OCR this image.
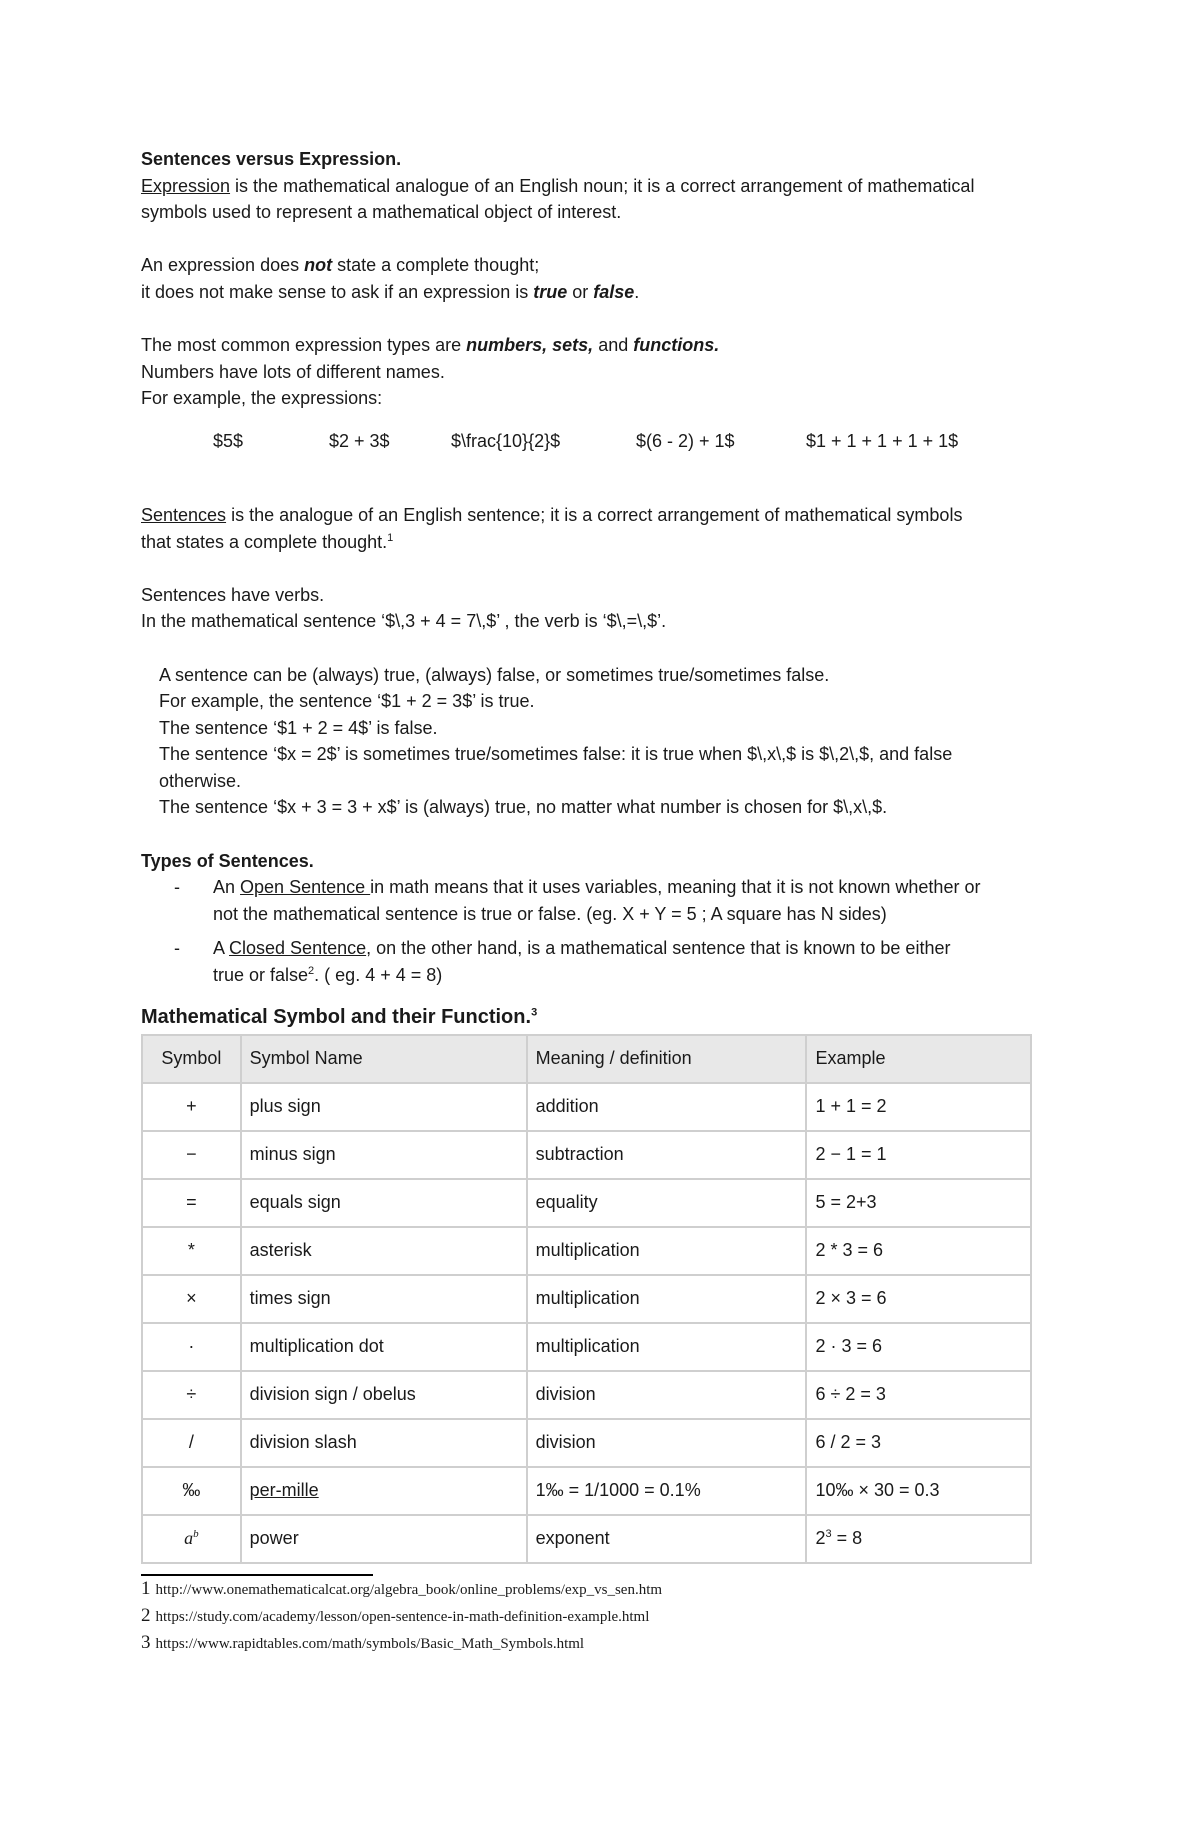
Sentences versus Expression.

Expression is the mathematical analogue of an English noun; it is a correct arrangement of mathematical

symbols used to represent a mathematical object of interest.

An expression does not state a complete thought;

it does not make sense to ask if an expression is true or false.

The most common expression types are numbers, sets, and functions.

Numbers have lots of different names.

For example, the expressions:

$5$	$2 + 3$	$\frac{10}{2}$	$(6 - 2) + 1$	$1 + 1 + 1 + 1 + 1$

Sentences is the analogue of an English sentence; it is a correct arrangement of mathematical symbols

that states a complete thought.$^1$

Sentences have verbs.

In the mathematical sentence ‘$\,3 + 4 = 7\,$’ , the verb is ‘$\,=\,$’.

A sentence can be (always) true, (always) false, or sometimes true/sometimes false.

For example, the sentence ‘$1 + 2 = 3$’ is true.

The sentence ‘$1 + 2 = 4$’ is false.

The sentence ‘$x = 2$’ is sometimes true/sometimes false: it is true when $\,x\,$ is $\,2\,$, and false

otherwise.

The sentence ‘$x + 3 = 3 + x$’ is (always) true, no matter what number is chosen for $\,x\,$.

Types of Sentences.

- An Open Sentence in math means that it uses variables, meaning that it is not known whether or
not the mathematical sentence is true or false. (eg. X + Y = 5 ; A square has N sides)
- A Closed Sentence, on the other hand, is a mathematical sentence that is known to be either
true or false$^2$. ( eg. 4 + 4 = 8)

Mathematical Symbol and their Function.$^3$

Symbol	Symbol Name	Meaning / definition	Example
+	plus sign	addition	1 + 1 = 2
−	minus sign	subtraction	2 − 1 = 1
=	equals sign	equality	5 = 2+3
*	asterisk	multiplication	2 * 3 = 6
×	times sign	multiplication	2 × 3 = 6
·	multiplication dot	multiplication	2 · 3 = 6
÷	division sign / obelus	division	6 ÷ 2 = 3
/	division slash	division	6 / 2 = 3
‰	per-mille	1‰ = 1/1000 = 0.1%	10‰ × 30 = 0.3
$a^b$	power	exponent	$2^3 = 8$

1 http://www.onemathematicalcat.org/algebra_book/online_problems/exp_vs_sen.htm

2 https://study.com/academy/lesson/open-sentence-in-math-definition-example.html

3 https://www.rapidtables.com/math/symbols/Basic_Math_Symbols.html
